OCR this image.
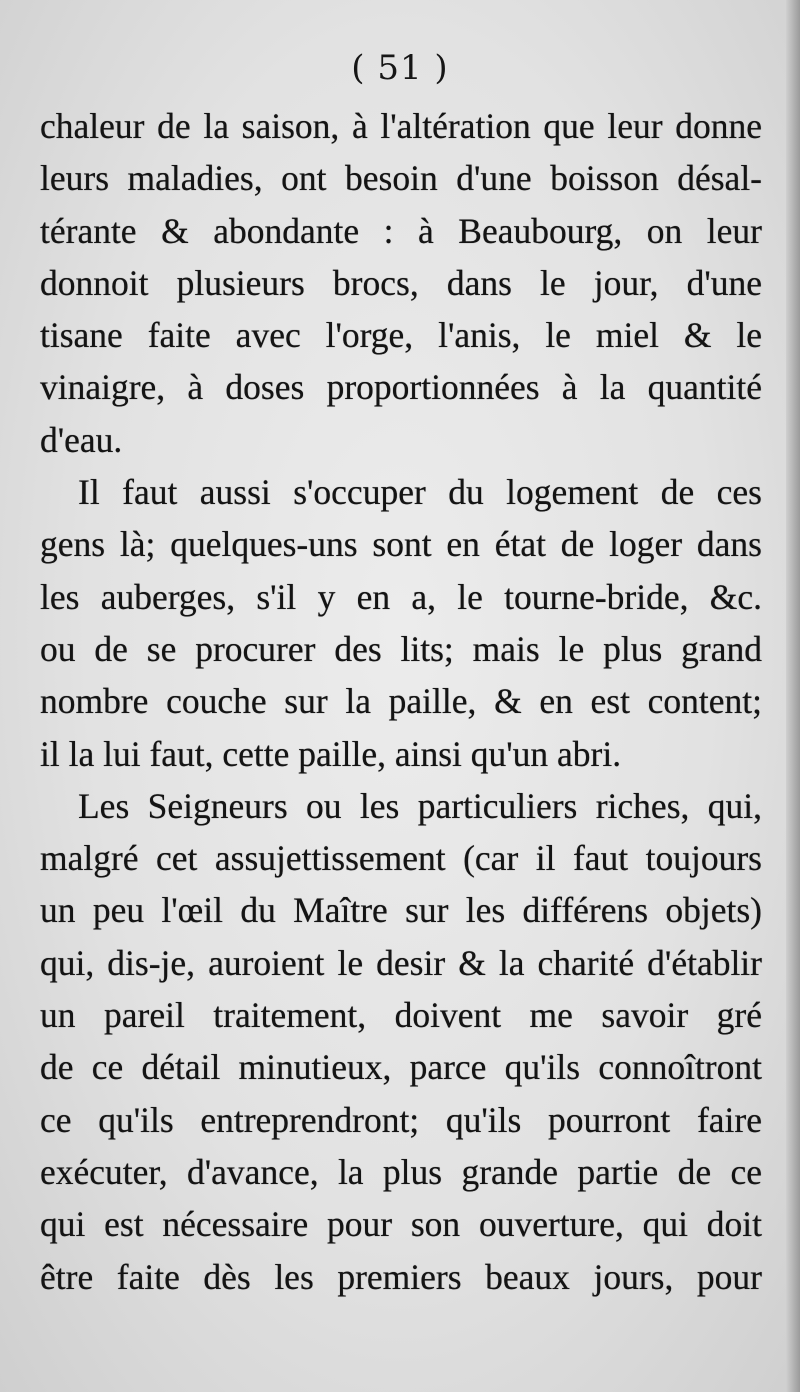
( 51 )
chaleur de la saison, à l'altération que leur donne
leurs maladies, ont besoin d'une boisson désal-
térante & abondante : à Beaubourg, on leur
donnoit plusieurs brocs, dans le jour, d'une
tisane faite avec l'orge, l'anis, le miel & le
vinaigre, à doses proportionnées à la quantité
d'eau.
Il faut aussi s'occuper du logement de ces
gens là; quelques-uns sont en état de loger dans
les auberges, s'il y en a, le tourne-bride, &c.
ou de se procurer des lits; mais le plus grand
nombre couche sur la paille, & en est content;
il la lui faut, cette paille, ainsi qu'un abri.
Les Seigneurs ou les particuliers riches, qui,
malgré cet assujettissement (car il faut toujours
un peu l'œil du Maître sur les différens objets)
qui, dis-je, auroient le desir & la charité d'établir
un pareil traitement, doivent me savoir gré
de ce détail minutieux, parce qu'ils connoîtront
ce qu'ils entreprendront; qu'ils pourront faire
exécuter, d'avance, la plus grande partie de ce
qui est nécessaire pour son ouverture, qui doit
être faite dès les premiers beaux jours, pour
